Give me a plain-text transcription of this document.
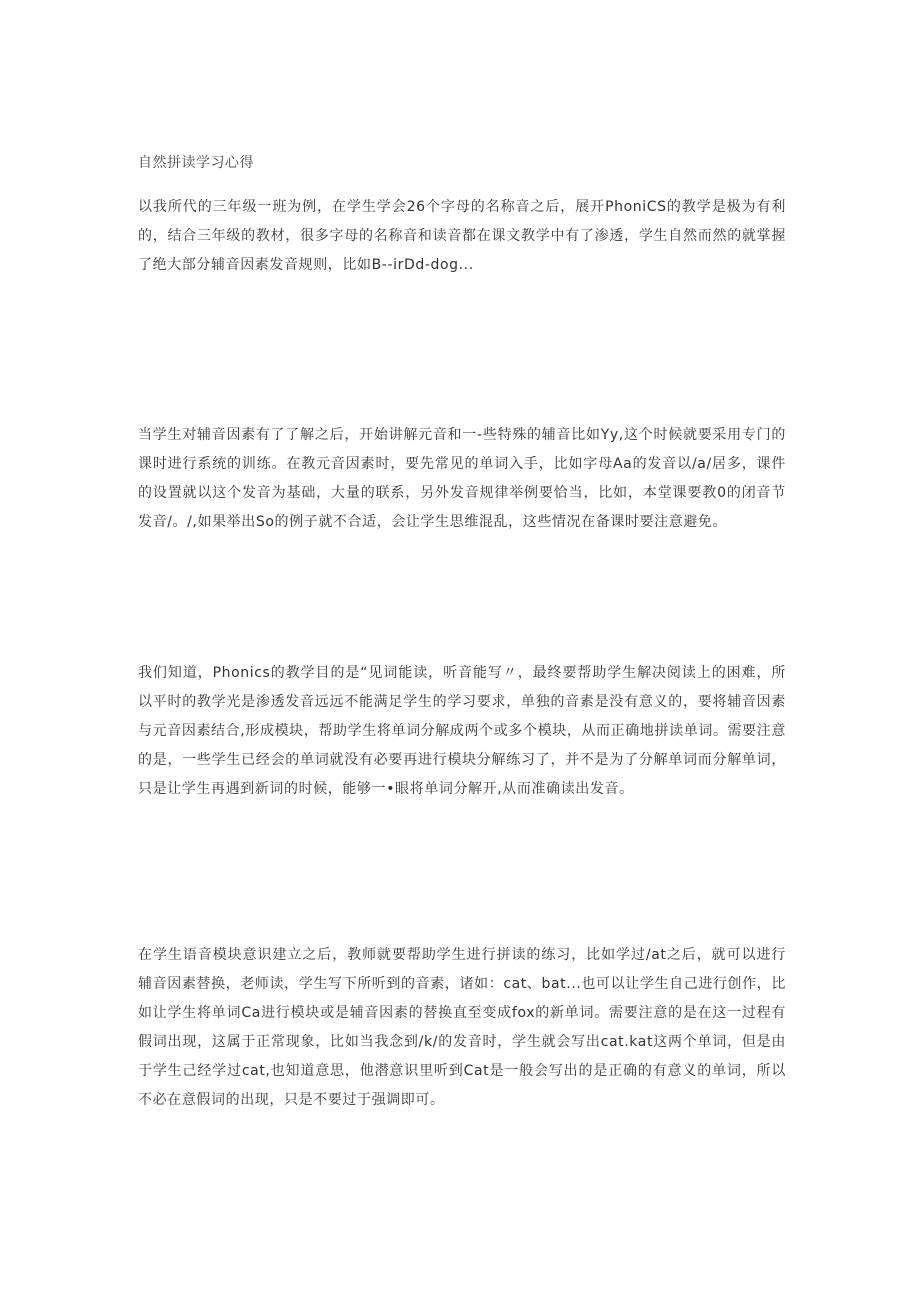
自然拼读学习心得

以我所代的三年级一班为例，在学生学会26个字母的名称音之后，展开PhoniCS的教学是极为有利的，结合三年级的教材，很多字母的名称音和读音都在课文教学中有了渗透，学生自然而然的就掌握了绝大部分辅音因素发音规则，比如B--irDd-dog...

当学生对辅音因素有了了解之后，开始讲解元音和一-些特殊的辅音比如Yy,这个时候就要采用专门的课时进行系统的训练。在教元音因素时，要先常见的单词入手，比如字母Aa的发音以/a/居多，课件的设置就以这个发音为基础，大量的联系，另外发音规律举例要恰当，比如，本堂课要教0的闭音节发音/。/,如果举出So的例子就不合适，会让学生思维混乱，这些情况在备课时要注意避免。

我们知道，Phonics的教学目的是“见词能读，听音能写〃，最终要帮助学生解决阅读上的困难，所以平时的教学光是渗透发音远远不能满足学生的学习要求，单独的音素是没有意义的，要将辅音因素与元音因素结合,形成模块，帮助学生将单词分解成两个或多个模块，从而正确地拼读单词。需要注意的是，一些学生已经会的单词就没有必要再进行模块分解练习了，并不是为了分解单词而分解单词，只是让学生再遇到新词的时候，能够一•眼将单词分解开,从而准确读出发音。

在学生语音模块意识建立之后，教师就要帮助学生进行拼读的练习，比如学过/at之后，就可以进行辅音因素替换，老师读，学生写下所听到的音素，诸如：cat、bat...也可以让学生自己进行创作，比如让学生将单词Ca进行模块或是辅音因素的替换直至变成fox的新单词。需要注意的是在这一过程有假词出现，这属于正常现象，比如当我念到/k/的发音时，学生就会写出cat.kat这两个单词，但是由于学生己经学过cat,也知道意思，他潜意识里听到Cat是一般会写出的是正确的有意义的单词，所以不必在意假词的出现，只是不要过于强调即可。
